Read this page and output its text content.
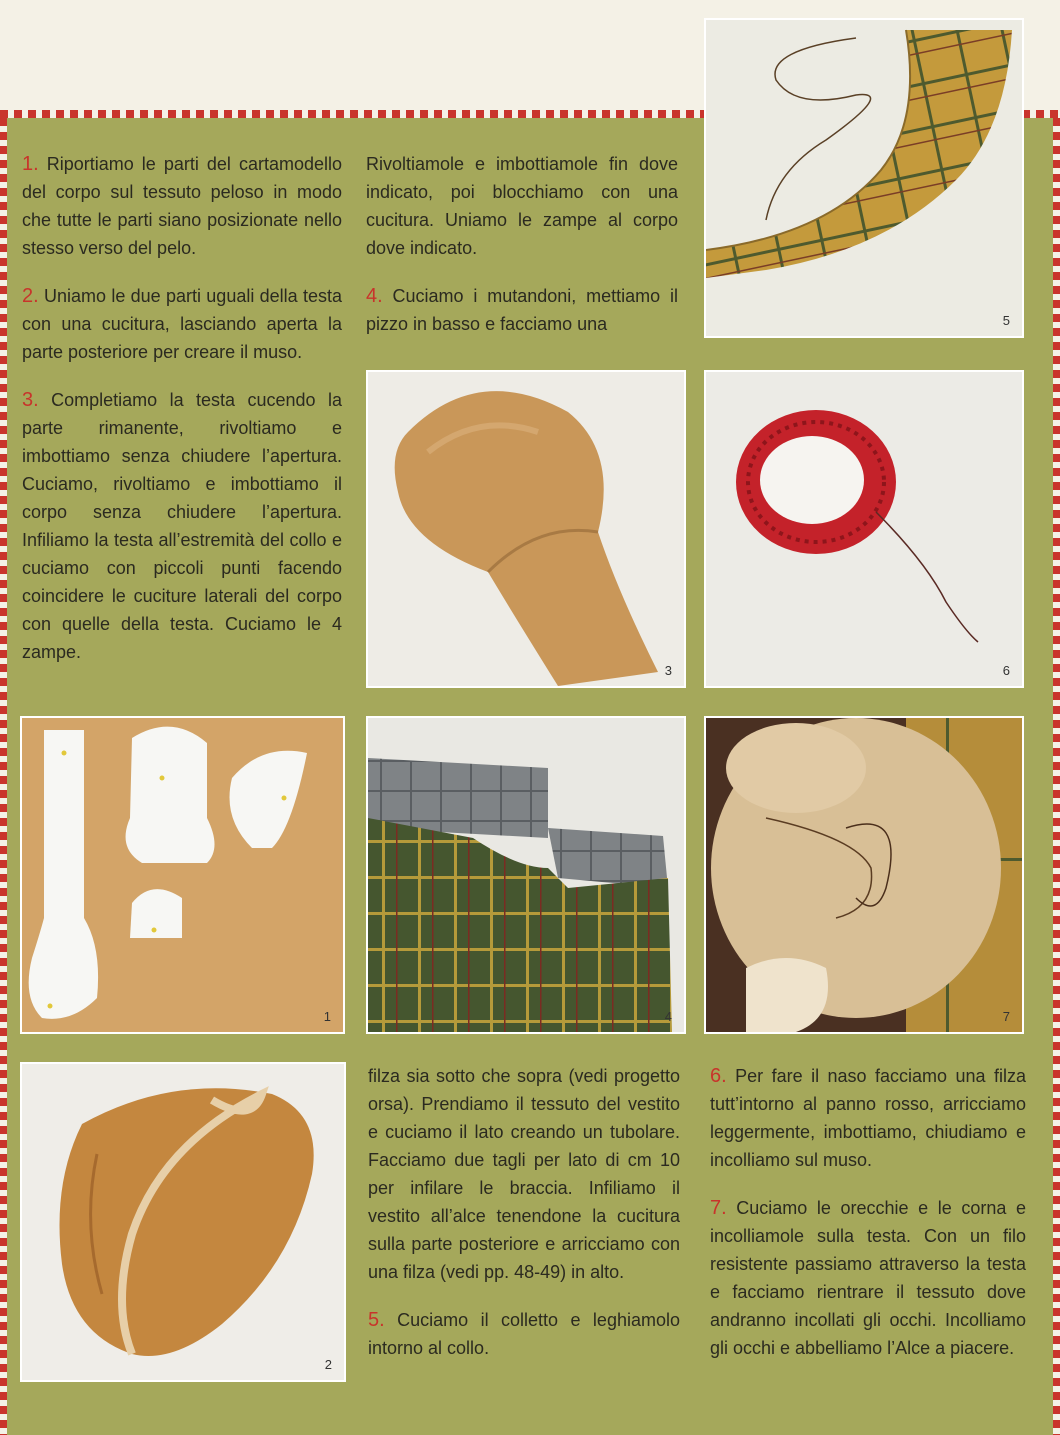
1. Riportiamo le parti del cartamodello del corpo sul tessuto peloso in modo che tutte le parti siano posizionate nello stesso verso del pelo.

2. Uniamo le due parti uguali della testa con una cucitura, lasciando aperta la parte posteriore per creare il muso.

3. Completiamo la testa cucendo la parte rimanente, rivoltiamo e imbottiamo senza chiudere l’apertura. Cuciamo, rivoltiamo e imbottiamo il corpo senza chiudere l’apertura. Infiliamo la testa all’estremità del collo e cuciamo con piccoli punti facendo coincidere le cuciture laterali del corpo con quelle della testa. Cuciamo le 4 zampe.

Rivoltiamole e imbottiamole fin dove indicato, poi blocchiamo con una cucitura. Uniamo le zampe al corpo dove indicato.

4. Cuciamo i mutandoni, mettiamo il pizzo in basso e facciamo una

filza sia sotto che sopra (vedi progetto orsa). Prendiamo il tessuto del vestito e cuciamo il lato creando un tubolare. Facciamo due tagli per lato di cm 10 per infilare le braccia. Infiliamo il vestito all’alce tenendone la cucitura sulla parte posteriore e arricciamo con una filza (vedi pp. 48-49) in alto.

5. Cuciamo il colletto e leghiamolo intorno al collo.

6. Per fare il naso facciamo una filza tutt’intorno al panno rosso, arricciamo leggermente, imbottiamo, chiudiamo e incolliamo sul muso.

7. Cuciamo le orecchie e le corna e incolliamole sulla testa. Con un filo resistente passiamo attraverso la testa e facciamo rientrare il tessuto dove andranno incollati gli occhi. Incolliamo gli occhi e abbelliamo l’Alce a piacere.

5
3	6
1	4	7
2
